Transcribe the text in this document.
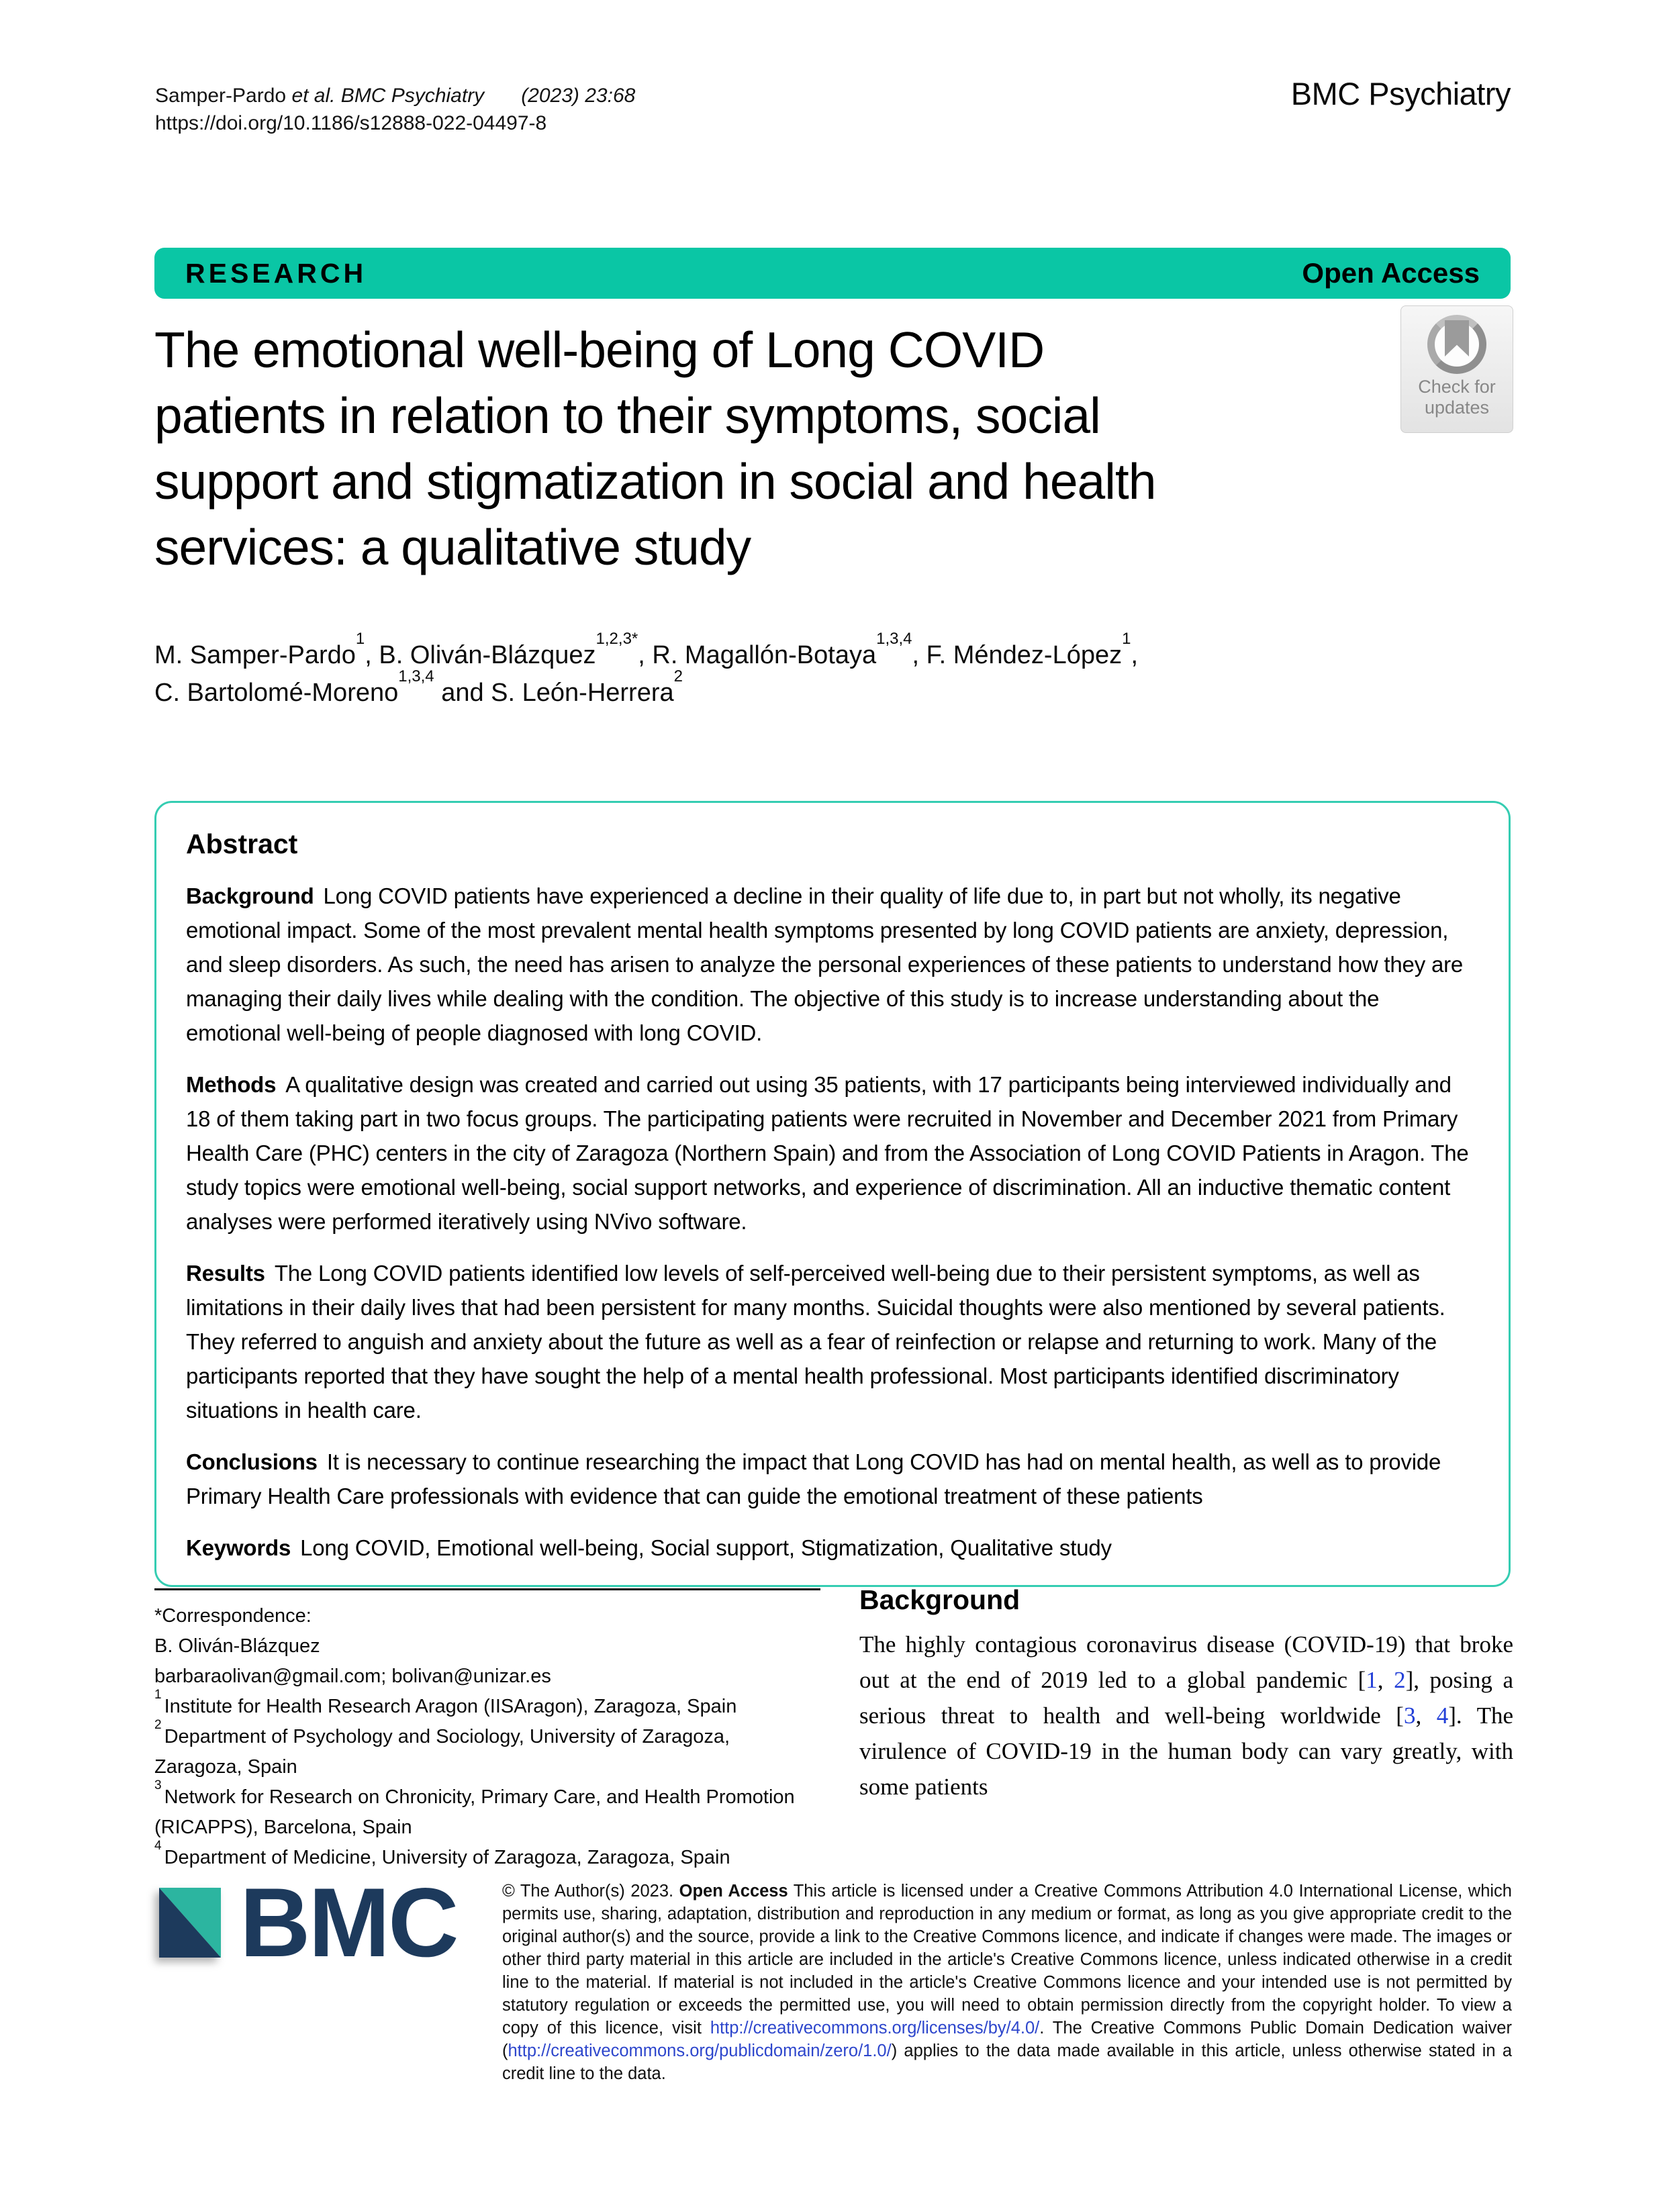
Samper-Pardo et al. BMC Psychiatry (2023) 23:68
https://doi.org/10.1186/s12888-022-04497-8
BMC Psychiatry
RESEARCH	Open Access
Check for
updates
The emotional well-being of Long COVID
patients in relation to their symptoms, social
support and stigmatization in social and health
services: a qualitative study
M. Samper-Pardo$^1$, B. Oliván-Blázquez$^{1,2,3*}$, R. Magallón-Botaya$^{1,3,4}$, F. Méndez-López$^1$,
C. Bartolomé-Moreno$^{1,3,4}$ and S. León-Herrera$^2$
Abstract

Background Long COVID patients have experienced a decline in their quality of life due to, in part but not wholly, its negative emotional impact. Some of the most prevalent mental health symptoms presented by long COVID patients are anxiety, depression, and sleep disorders. As such, the need has arisen to analyze the personal experiences of these patients to understand how they are managing their daily lives while dealing with the condition. The objective of this study is to increase understanding about the emotional well-being of people diagnosed with long COVID.

Methods A qualitative design was created and carried out using 35 patients, with 17 participants being interviewed individually and 18 of them taking part in two focus groups. The participating patients were recruited in November and December 2021 from Primary Health Care (PHC) centers in the city of Zaragoza (Northern Spain) and from the Association of Long COVID Patients in Aragon. The study topics were emotional well-being, social support networks, and experience of discrimination. All an inductive thematic content analyses were performed iteratively using NVivo software.

Results The Long COVID patients identified low levels of self-perceived well-being due to their persistent symptoms, as well as limitations in their daily lives that had been persistent for many months. Suicidal thoughts were also mentioned by several patients. They referred to anguish and anxiety about the future as well as a fear of reinfection or relapse and returning to work. Many of the participants reported that they have sought the help of a mental health professional. Most participants identified discriminatory situations in health care.

Conclusions It is necessary to continue researching the impact that Long COVID has had on mental health, as well as to provide Primary Health Care professionals with evidence that can guide the emotional treatment of these patients

Keywords Long COVID, Emotional well-being, Social support, Stigmatization, Qualitative study

*Correspondence:

B. Oliván-Blázquez

barbaraolivan@gmail.com; bolivan@unizar.es

$^1$Institute for Health Research Aragon (IISAragon), Zaragoza, Spain

$^2$Department of Psychology and Sociology, University of Zaragoza, Zaragoza, Spain

$^3$Network for Research on Chronicity, Primary Care, and Health Promotion (RICAPPS), Barcelona, Spain

$^4$Department of Medicine, University of Zaragoza, Zaragoza, Spain

Background
The highly contagious coronavirus disease (COVID-19) that broke out at the end of 2019 led to a global pandemic [1, 2], posing a serious threat to health and well-being worldwide [3, 4]. The virulence of COVID-19 in the human body can vary greatly, with some patients
BMC	© The Author(s) 2023. Open Access This article is licensed under a Creative Commons Attribution 4.0 International License, which permits use, sharing, adaptation, distribution and reproduction in any medium or format, as long as you give appropriate credit to the original author(s) and the source, provide a link to the Creative Commons licence, and indicate if changes were made. The images or other third party material in this article are included in the article's Creative Commons licence, unless indicated otherwise in a credit line to the material. If material is not included in the article's Creative Commons licence and your intended use is not permitted by statutory regulation or exceeds the permitted use, you will need to obtain permission directly from the copyright holder. To view a copy of this licence, visit http://creativecommons.org/licenses/by/4.0/. The Creative Commons Public Domain Dedication waiver (http://creativecommons.org/publicdomain/zero/1.0/) applies to the data made available in this article, unless otherwise stated in a credit line to the data.
